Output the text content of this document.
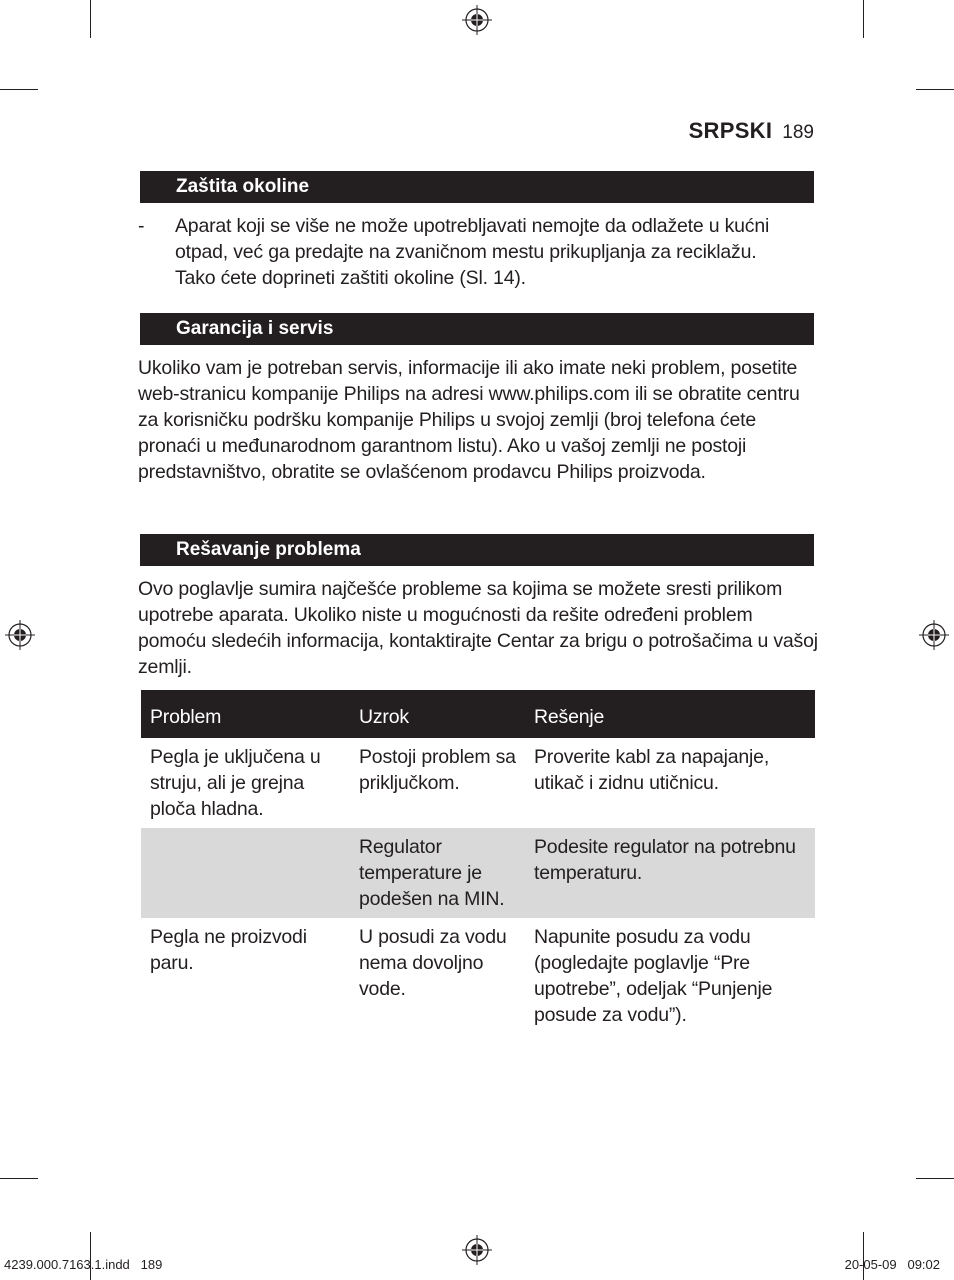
SRPSKI 189
Zaštita okoline
-	Aparat koji se više ne može upotrebljavati nemojte da odlažete u kućni otpad, već ga predajte na zvaničnom mestu prikupljanja za reciklažu. Tako ćete doprineti zaštiti okoline (Sl. 14).
Garancija i servis
Ukoliko vam je potreban servis, informacije ili ako imate neki problem, posetite web-stranicu kompanije Philips na adresi www.philips.com ili se obratite centru za korisničku podršku kompanije Philips u svojoj zemlji (broj telefona ćete pronaći u međunarodnom garantnom listu). Ako u vašoj zemlji ne postoji predstavništvo, obratite se ovlašćenom prodavcu Philips proizvoda.
Rešavanje problema
Ovo poglavlje sumira najčešće probleme sa kojima se možete sresti prilikom upotrebe aparata. Ukoliko niste u mogućnosti da rešite određeni problem pomoću sledećih informacija, kontaktirajte Centar za brigu o potrošačima u vašoj zemlji.
Problem	Uzrok	Rešenje
Pegla je uključena u struju, ali je grejna ploča hladna.	Postoji problem sa priključkom.	Proverite kabl za napajanje, utikač i zidnu utičnicu.
	Regulator temperature je podešen na MIN.	Podesite regulator na potrebnu temperaturu.
Pegla ne proizvodi paru.	U posudi za vodu nema dovoljno vode.	Napunite posudu za vodu (pogledajte poglavlje “Pre upotrebe”, odeljak “Punjenje posude za vodu”).
4239.000.7163.1.indd   189	20-05-09   09:02
